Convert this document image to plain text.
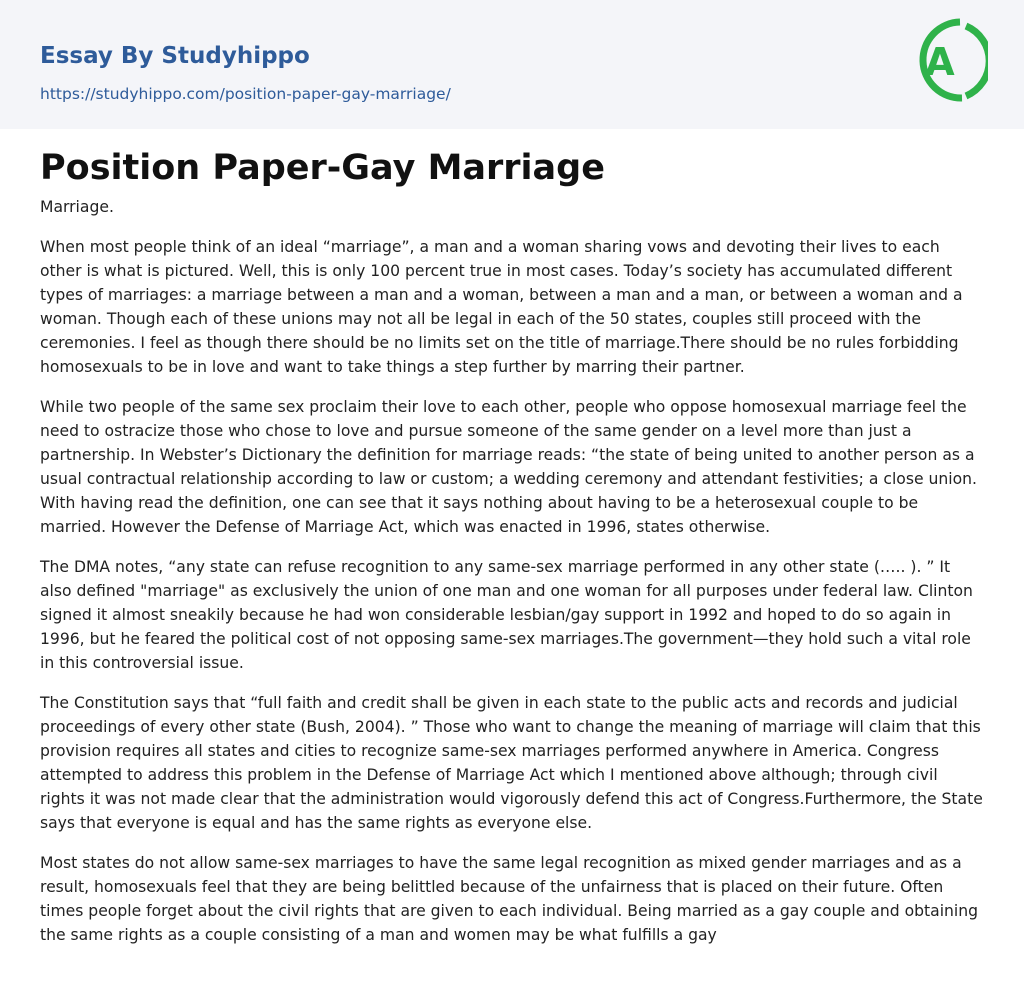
Essay By Studyhippo
https://studyhippo.com/position-paper-gay-marriage/
A
Position Paper-Gay Marriage

Marriage.

When most people think of an ideal “marriage”, a man and a woman sharing vows and devoting their lives to each other is what is pictured. Well, this is only 100 percent true in most cases. Today’s society has accumulated different types of marriages: a marriage between a man and a woman, between a man and a man, or between a woman and a woman. Though each of these unions may not all be legal in each of the 50 states, couples still proceed with the ceremonies. I feel as though there should be no limits set on the title of marriage.There should be no rules forbidding homosexuals to be in love and want to take things a step further by marring their partner.

While two people of the same sex proclaim their love to each other, people who oppose homosexual marriage feel the need to ostracize those who chose to love and pursue someone of the same gender on a level more than just a partnership. In Webster’s Dictionary the definition for marriage reads: “the state of being united to another person as a usual contractual relationship according to law or custom; a wedding ceremony and attendant festivities; a close union. With having read the definition, one can see that it says nothing about having to be a heterosexual couple to be married. However the Defense of Marriage Act, which was enacted in 1996, states otherwise.

The DMA notes, “any state can refuse recognition to any same-sex marriage performed in any other state (….. ). ” It also defined "marriage" as exclusively the union of one man and one woman for all purposes under federal law. Clinton signed it almost sneakily because he had won considerable lesbian/gay support in 1992 and hoped to do so again in 1996, but he feared the political cost of not opposing same-sex marriages.The government—they hold such a vital role in this controversial issue.

The Constitution says that “full faith and credit shall be given in each state to the public acts and records and judicial proceedings of every other state (Bush, 2004). ” Those who want to change the meaning of marriage will claim that this provision requires all states and cities to recognize same-sex marriages performed anywhere in America. Congress attempted to address this problem in the Defense of Marriage Act which I mentioned above although; through civil rights it was not made clear that the administration would vigorously defend this act of Congress.Furthermore, the State says that everyone is equal and has the same rights as everyone else.

Most states do not allow same-sex marriages to have the same legal recognition as mixed gender marriages and as a result, homosexuals feel that they are being belittled because of the unfairness that is placed on their future. Often times people forget about the civil rights that are given to each individual. Being married as a gay couple and obtaining the same rights as a couple consisting of a man and women may be what fulfills a gay
